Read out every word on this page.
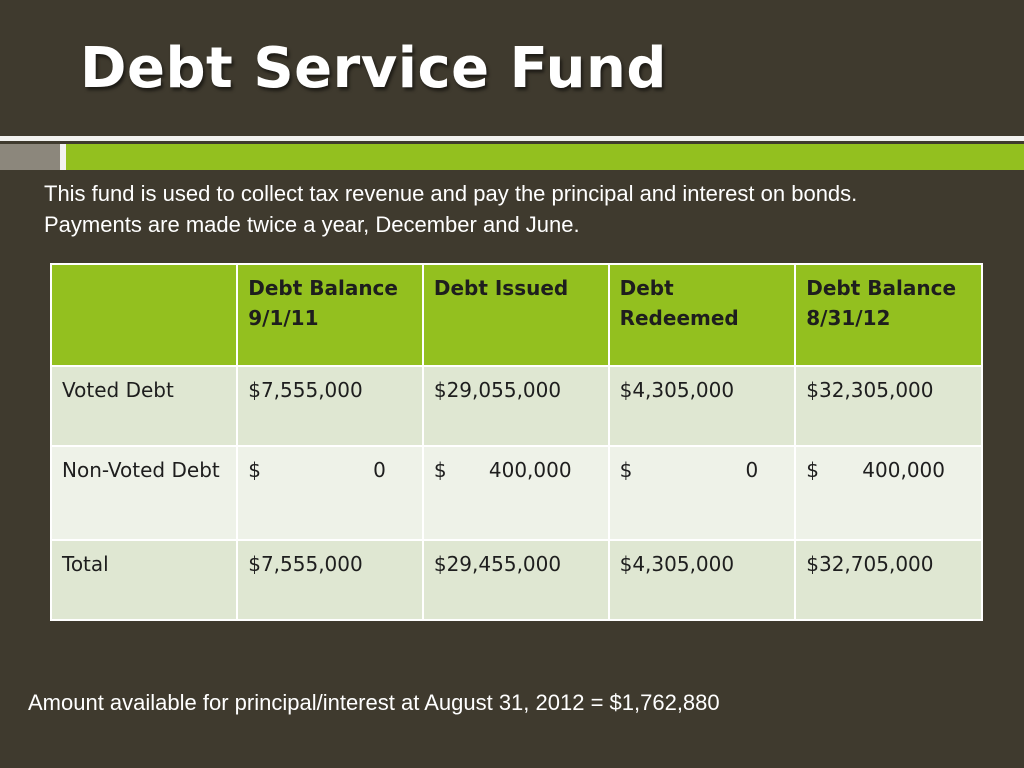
Debt Service Fund
This fund is used to collect tax revenue and pay the principal and interest on bonds. Payments are made twice a year, December and June.
	Debt Balance 9/1/11	Debt Issued	Debt Redeemed	Debt Balance 8/31/12
Voted Debt	$7,555,000	$29,055,000	$4,305,000	$32,305,000
Non-Voted Debt	$ 0	$ 400,000	$ 0	$ 400,000

Total	$7,555,000	$29,455,000	$4,305,000	$32,705,000
Amount available for principal/interest at August 31, 2012 = $1,762,880
